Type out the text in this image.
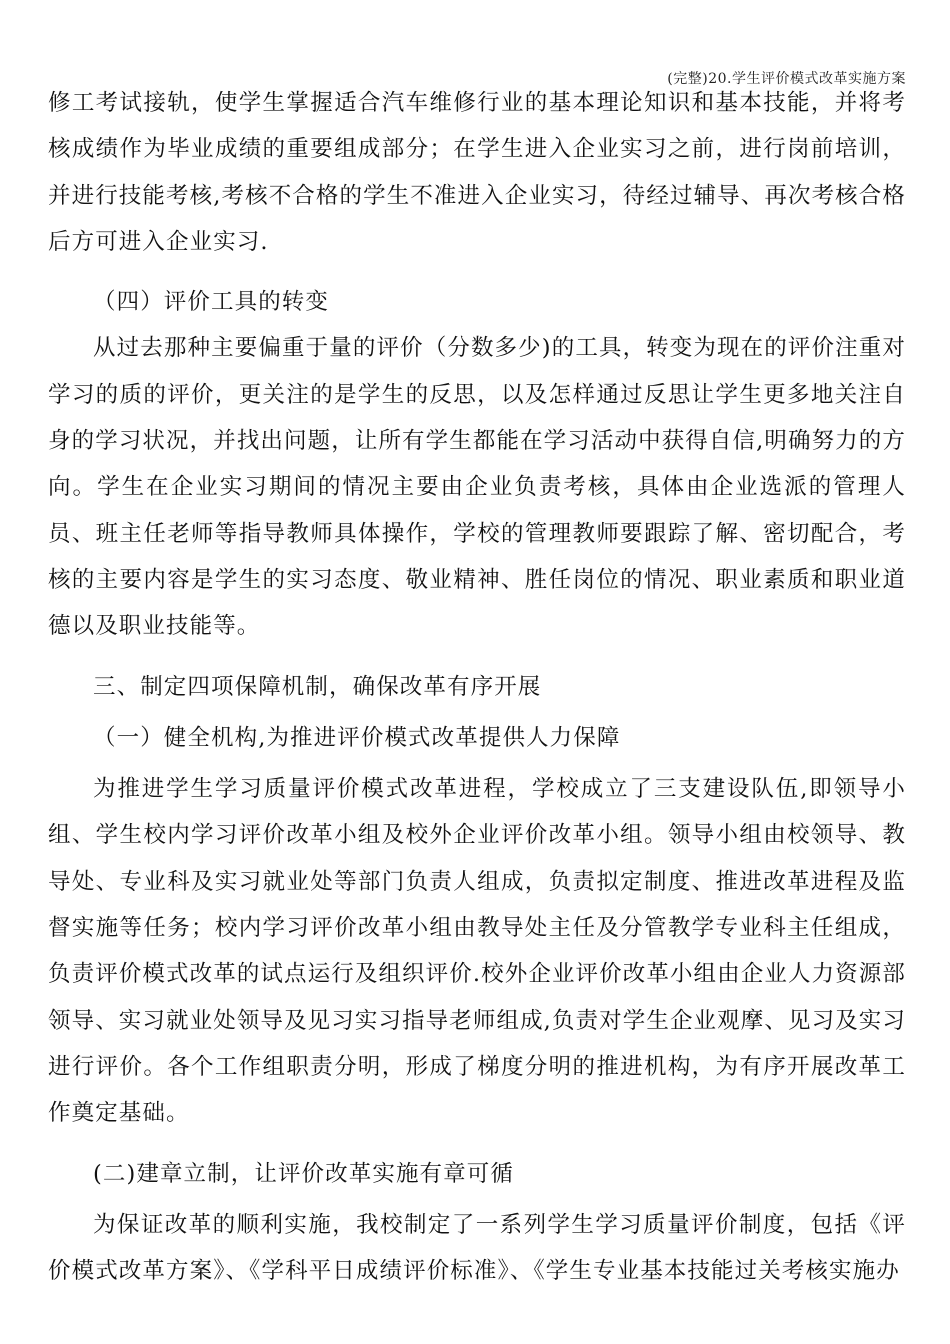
(完整)20.学生评价模式改革实施方案

修工考试接轨，使学生掌握适合汽车维修行业的基本理论知识和基本技能，并将考核成绩作为毕业成绩的重要组成部分；在学生进入企业实习之前，进行岗前培训，并进行技能考核,考核不合格的学生不准进入企业实习，待经过辅导、再次考核合格后方可进入企业实习.

（四）评价工具的转变

从过去那种主要偏重于量的评价（分数多少)的工具，转变为现在的评价注重对学习的质的评价，更关注的是学生的反思，以及怎样通过反思让学生更多地关注自身的学习状况，并找出问题，让所有学生都能在学习活动中获得自信,明确努力的方向。学生在企业实习期间的情况主要由企业负责考核，具体由企业选派的管理人员、班主任老师等指导教师具体操作，学校的管理教师要跟踪了解、密切配合，考核的主要内容是学生的实习态度、敬业精神、胜任岗位的情况、职业素质和职业道德以及职业技能等。

三、制定四项保障机制，确保改革有序开展

（一）健全机构,为推进评价模式改革提供人力保障

为推进学生学习质量评价模式改革进程，学校成立了三支建设队伍,即领导小组、学生校内学习评价改革小组及校外企业评价改革小组。领导小组由校领导、教导处、专业科及实习就业处等部门负责人组成，负责拟定制度、推进改革进程及监督实施等任务；校内学习评价改革小组由教导处主任及分管教学专业科主任组成，负责评价模式改革的试点运行及组织评价.校外企业评价改革小组由企业人力资源部领导、实习就业处领导及见习实习指导老师组成,负责对学生企业观摩、见习及实习进行评价。各个工作组职责分明，形成了梯度分明的推进机构，为有序开展改革工作奠定基础。

(二)建章立制，让评价改革实施有章可循

为保证改革的顺利实施，我校制定了一系列学生学习质量评价制度，包括《评价模式改革方案》、《学科平日成绩评价标准》、《学生专业基本技能过关考核实施办
